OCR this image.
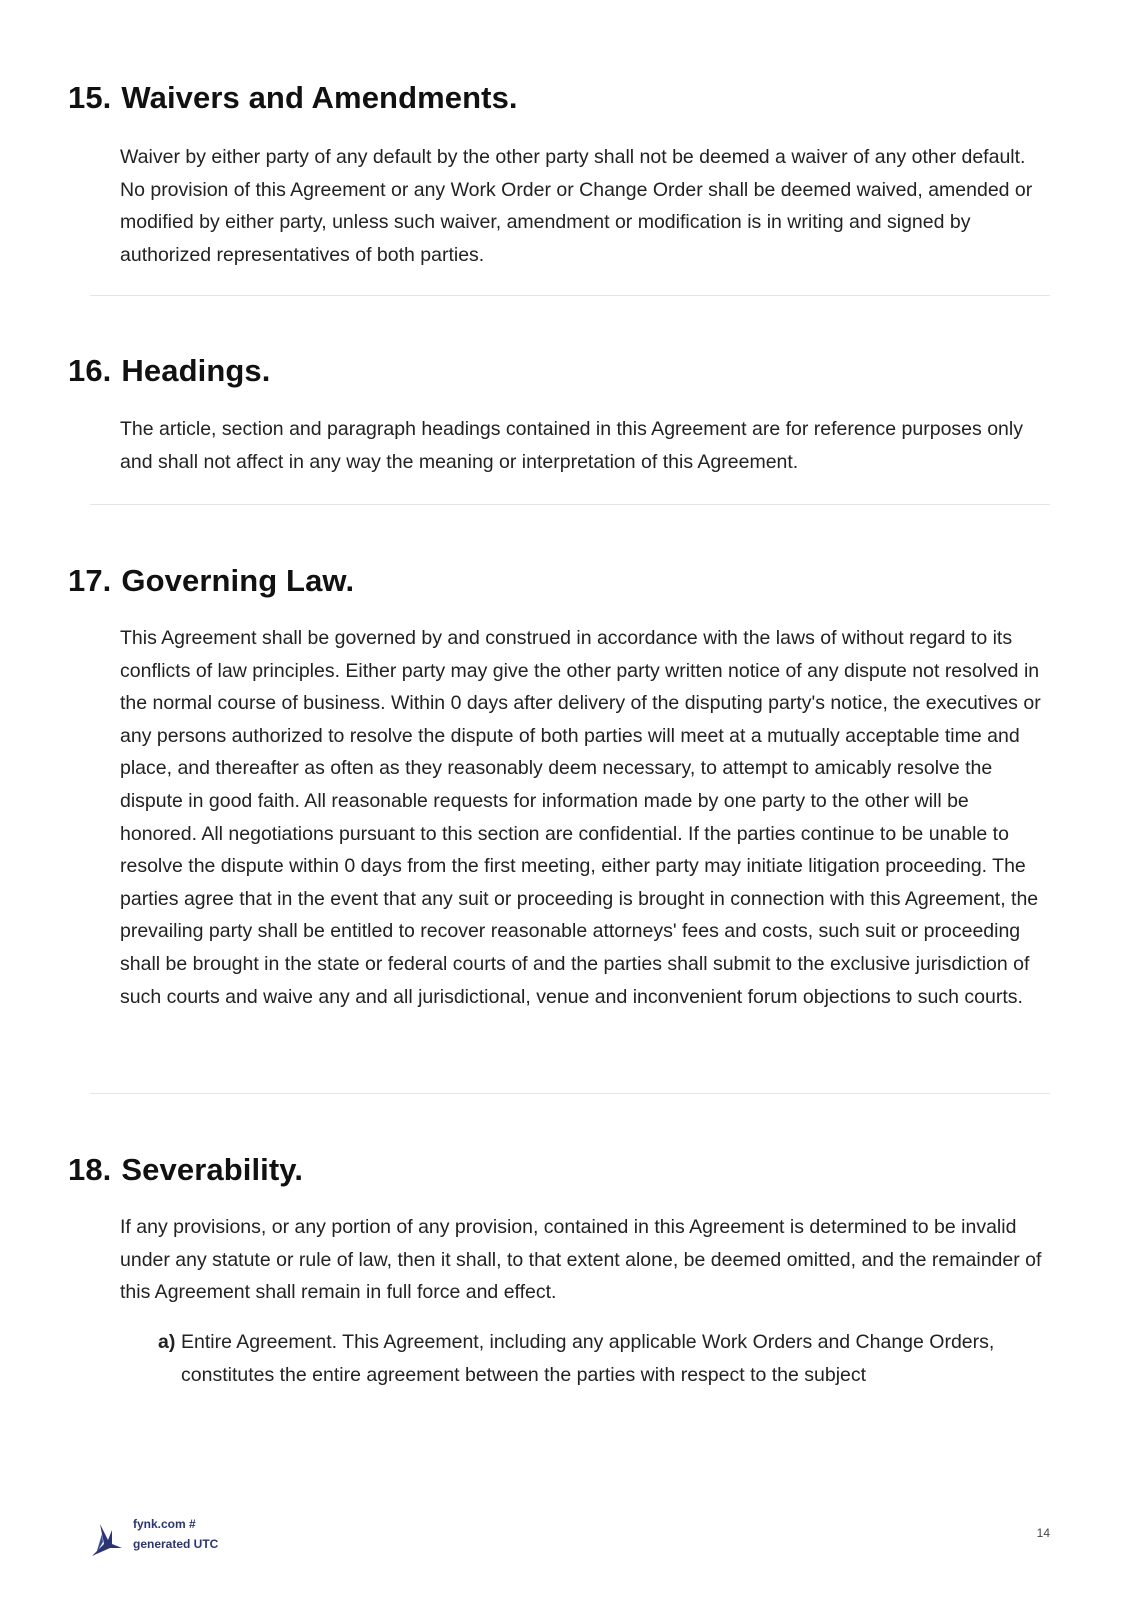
15. Waivers and Amendments.

Waiver by either party of any default by the other party shall not be deemed a waiver of any other default. No provision of this Agreement or any Work Order or Change Order shall be deemed waived, amended or modified by either party, unless such waiver, amendment or modification is in writing and signed by authorized representatives of both parties.

16. Headings.

The article, section and paragraph headings contained in this Agreement are for reference purposes only and shall not affect in any way the meaning or interpretation of this Agreement.

17. Governing Law.

This Agreement shall be governed by and construed in accordance with the laws of without regard to its conflicts of law principles. Either party may give the other party written notice of any dispute not resolved in the normal course of business. Within 0 days after delivery of the disputing party's notice, the executives or any persons authorized to resolve the dispute of both parties will meet at a mutually acceptable time and place, and thereafter as often as they reasonably deem necessary, to attempt to amicably resolve the dispute in good faith. All reasonable requests for information made by one party to the other will be honored. All negotiations pursuant to this section are confidential. If the parties continue to be unable to resolve the dispute within 0 days from the first meeting, either party may initiate litigation proceeding. The parties agree that in the event that any suit or proceeding is brought in connection with this Agreement, the prevailing party shall be entitled to recover reasonable attorneys' fees and costs, such suit or proceeding shall be brought in the state or federal courts of and the parties shall submit to the exclusive jurisdiction of such courts and waive any and all jurisdictional, venue and inconvenient forum objections to such courts.

18. Severability.

If any provisions, or any portion of any provision, contained in this Agreement is determined to be invalid under any statute or rule of law, then it shall, to that extent alone, be deemed omitted, and the remainder of this Agreement shall remain in full force and effect.

a) Entire Agreement. This Agreement, including any applicable Work Orders and Change Orders, constitutes the entire agreement between the parties with respect to the subject
fynk.com #
generated UTC
14
